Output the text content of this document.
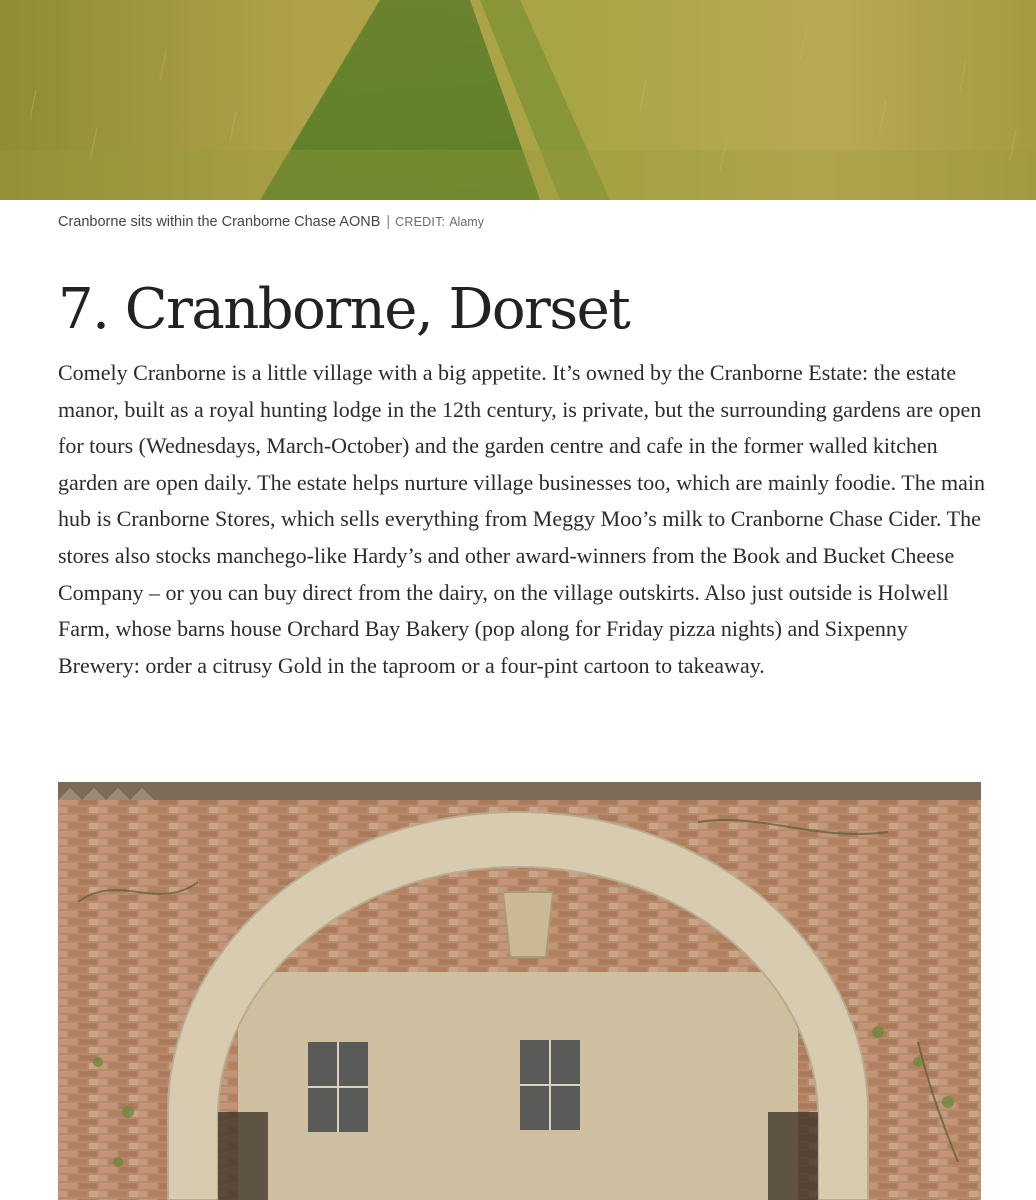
Cranborne sits within the Cranborne Chase AONB | CREDIT: Alamy
7. Cranborne, Dorset

Comely Cranborne is a little village with a big appetite. It’s owned by the Cranborne Estate: the estate manor, built as a royal hunting lodge in the 12th century, is private, but the surrounding gardens are open for tours (Wednesdays, March-October) and the garden centre and cafe in the former walled kitchen garden are open daily. The estate helps nurture village businesses too, which are mainly foodie. The main hub is Cranborne Stores, which sells everything from Meggy Moo’s milk to Cranborne Chase Cider. The stores also stocks manchego-like Hardy’s and other award-winners from the Book and Bucket Cheese Company – or you can buy direct from the dairy, on the village outskirts. Also just outside is Holwell Farm, whose barns house Orchard Bay Bakery (pop along for Friday pizza nights) and Sixpenny Brewery: order a citrusy Gold in the taproom or a four-pint cartoon to takeaway.
